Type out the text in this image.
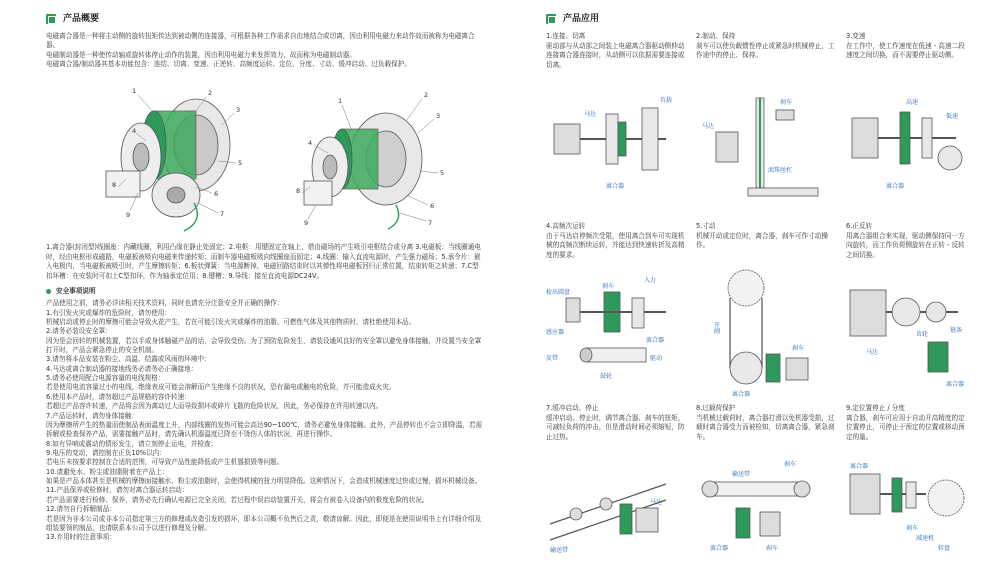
产品概要

电磁离合器是一种将主动侧的旋转扭矩传达到被动侧的连接器，可根据各种工作需求自由地结合或切离，因由利用电磁力来动作故而被称为电磁离合器。

电磁制动器是一种使传动轴或旋转体停止动作的装置，因由利用电磁力来发挥效力，故而称为电磁制动器。

电磁离合器/制动器其基本功能包含：连结、切离、变速、正逆转、高频度运转、定位、分度、寸动、缓冲启动、过负载保护。

1	2
3
4
5
6
7
8
9
1
2
3
4
5
6
7
8
9

1.离合器(封闭型)线圈座：内藏线圈，利用凸缘在静止处固定；2.电枢：用键固定在轴上，借由磁场的产生吸引电枢结合或分离 3.电磁板：当线圈通电时，经由电枢形成磁路，电磁板被吸向电磁来传递转矩；而制车器电磁板吸向线圈座而固定；4.线圈：输入直流电源时，产生强力磁场；5.承令片：嵌入电极内，当电磁板被吸引时，产生摩擦转矩；6.板状弹簧：当电源断掉，电磁回路结束时以其弹性将电磁板回归正常位置，结束转矩之转递；7.C型扣环槽：在安装时可扣上C型扣环，作为轴承定位用；8.键槽；9.导线：接至直流电源DC24V。

安全事项说明

产品使用之前，请务必详读相关技术资料，同时也请充分注意安全并正确的操作：

1.有引发火灾或爆炸的危险时，请勿使用：

机械启动或停止时的摩擦可能会导致火花产生，若在可能引发火灾或爆炸的油脂、可燃性气体及其他物质时，请杜绝使用本品。

2.请务必装设安全罩：

因为是会回转的机械装置，若以手或身体触碰产品的话，会导致受伤。为了预防危险发生，请装设通风良好的安全罩以避免身体接触，并设置当安全罩打开时，产品会紧急停止的安全机制。

3.请勿将本品安装在粉尘、高温、结露或风雨的环境中：

4.马达或离合制动器的接地线务必请务必正确接地：

5.请务必使用配合电源容量的电线规格：

若是使用电流容量过小的电线，绝缘表皮可能会溶解而产生绝缘不良的状况，恐有漏电或触电的危险，并可能造成火灾。

6.使用本产品时，请勿超过产品规格的容许转速：

若超过产品容许转速，产品将会因为离动过大而导致损坏或碎片飞散的危险状况，因此，务必保持在许用转速以内。

7.产品运转时，请勿身体接触：

因为摩擦所产生的热量而使制品表面温度上升，内部线圈的发热可能会高达90~100℃，请务必避免身体接触。此外，产品停转也不会立即降温，若需拆解或检查保养产品，需要接触产品时，请先确认机器温度已降至不烫伤人体的状况，再进行操作。

8.如有异响或震动的情形发生，请立刻停止运电，并检查；

9.电压的变动，请控制在正负10%以内：

若电压未按要求控制在合适的范围，可导致产品性能降低或产生机器损毁等问题。

10.请避免水、粉尘或油脂附着在产品上：

如果是产品本体甚至是机械的摩擦面接触水、粉尘或油脂时，会使得机械的扭力明显降低。这种情况下，会造成机械速度过快或过慢，损坏机械设备。

11.产品保养或检修时，请勿对离合器运转启动：

若产品需要进行检修、保养，请务必先行确认电源已完全关闭，若过程中误启动装置开关，将会有被卷入设备内的极度危险的状况。

12.请勿自行拆解制品：

若是因为非本公司或非本公司指定第三方的修理或改造引发的损坏，即本公司概不负售后之责，敬请谅解。因此，即便是在使用说明书上有详细介绍及组装要领的制品，也请联系本公司予以进行修理及分解。

13.弃用时的注意事项：

产品应用
1.连接、切离
驱动部与从动部之间装上电磁离合器驱动侧伸动连接离合器连接时，从动侧可以依据需要连接或切离。
马达
负载
离合器
2.制动、保持
刹车可以使负载惯性停止或紧急时机械停止，工作途中的停止、保持。
刹车
马达
滚珠丝杠
3.变速
在工作中，使工作速度在低速 - 高速二段速度之间切换，而不需要停止驱动侧。
高速
低速
离合器
4.高频次运转
由于马达启停频次受限，使用离合到车可实现机械的高频次断续运转，并能达到快速转折及高精度的要求。
入力
检出圆盘
刹车
感应器
离合器
皮带	驱动
鼓轮
5.寸动
机械开动或定位时，离合器，刹车可作寸动操作。
开闸
离合器
刹车
6.正反转
用离合器组合来实现，驱动侧保持同一方向旋转，而工作负荷侧旋转在正转 - 反转之间切换。
马达
齿轮
链条
离合器
7.缓冲启动、停止
缓冲启动、停止时，调节离合器、刹车的扭矩，可减轻负荷的冲击，但是滑动时间必须缩短，防止过热。
马达
输送带
8.过载荷保护
当机械过载荷时，离合器打滑以免机器受损，过载时离合器受力而被检知，切离离合器，紧急刹车。
刹车
输送带
离合器	刹车
9.定位置停止 / 分度
离合器，刹车可应用于自动开高精度的定位置停止，可停止于预定的位置或移动预定的量。
离合器
刹车
减速机
转盘
